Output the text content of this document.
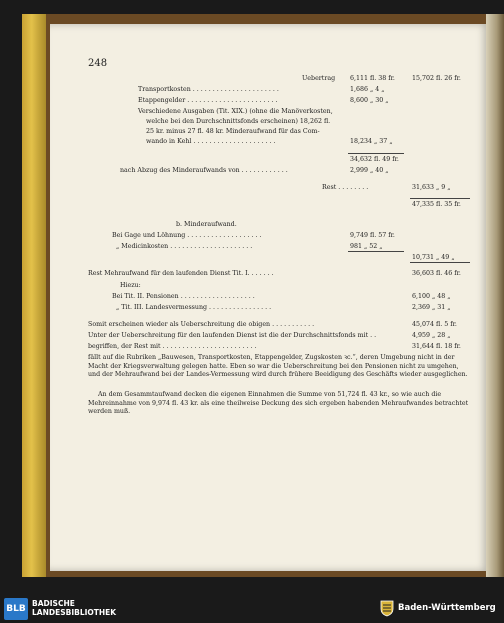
248
Uebertrag 6,111 fl. 38 fr.	15,702 fl. 26 fr.
Transportkosten . . . . . . . . . . . . . . . . . . . . . .	1,686 „ 4 „
Etappengelder . . . . . . . . . . . . . . . . . . . . . . .	8,600 „ 30 „
Verschiedene Ausgaben (Tit. XIX.) (ohne die Manöverkosten,
welche bei den Durchschnittsfonds erscheinen) 18,262 fl.
25 kr. minus 27 fl. 48 kr. Minderaufwand für das Com-
wando in Kehl . . . . . . . . . . . . . . . . . . . . .	18,234 „ 37 „
34,632 fl. 49 fr.
nach Abzug des Minderaufwands von . . . . . . . . . . . .	2,999 „ 40 „
Rest . . . . . . . .	31,633 „ 9 „
47,335 fl. 35 fr.
b. Minderaufwand.
Bei Gage und Löhnung . . . . . . . . . . . . . . . . . . .	9,749 fl. 57 fr.
„ Medicinkosten . . . . . . . . . . . . . . . . . . . . .	981 „ 52 „
10,731 „ 49 „
Rest Mehraufwand für den laufenden Dienst Tit. I. . . . . . .	36,603 fl. 46 fr.
Hiezu:
Bei Tit. II. Pensionen . . . . . . . . . . . . . . . . . . .	6,100 „ 48 „
„ Tit. III. Landesvermessung . . . . . . . . . . . . . . . .	2,369 „ 31 „
Somit erscheinen wieder als Ueberschreitung die obigen . . . . . . . . . . .	45,074 fl. 5 fr.
Unter der Ueberschreitung für den laufenden Dienst ist die der Durchschnittsfonds mit . .	4,959 „ 28 „
begriffen, der Rest mit . . . . . . . . . . . . . . . . . . . . . . . .	31,644 fl. 18 fr.
fällt auf die Rubriken „Bauwesen, Transportkosten, Etappengelder, Zugskosten ꝛc.“, deren Umgebung nicht in der Macht der Kriegsverwaltung gelegen hatte. Eben so war die Ueberschreitung bei den Pensionen nicht zu umgehen, und der Mehraufwand bei der Landes-Vermessung wird durch frühere Beeidigung des Geschäfts wieder ausgeglichen.
An dem Gesammtaufwand decken die eigenen Einnahmen die Summe von 51,724 fl. 43 kr., so wie auch die Mehreinnahme von 9,974 fl. 43 kr. als eine theilweise Deckung des sich ergeben habenden Mehraufwandes betrachtet werden muß.
BLB
BADISCHE
LANDESBIBLIOTHEK	Baden-Württemberg
